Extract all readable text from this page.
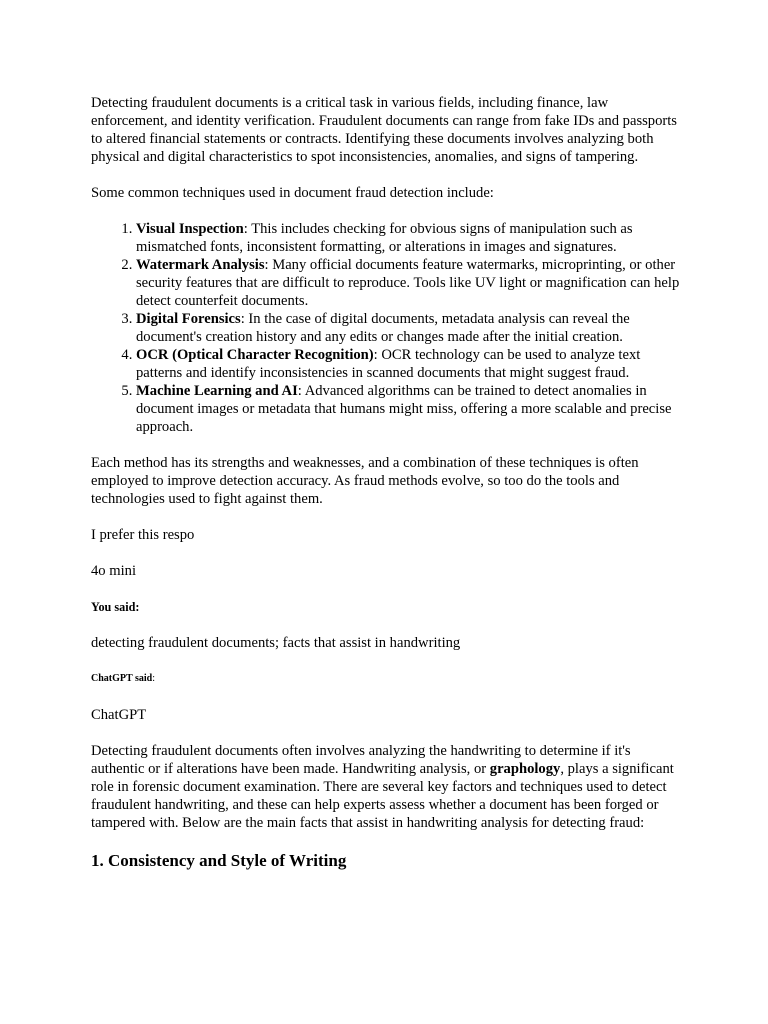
Detecting fraudulent documents is a critical task in various fields, including finance, law enforcement, and identity verification. Fraudulent documents can range from fake IDs and passports to altered financial statements or contracts. Identifying these documents involves analyzing both physical and digital characteristics to spot inconsistencies, anomalies, and signs of tampering.

Some common techniques used in document fraud detection include:

1. Visual Inspection: This includes checking for obvious signs of manipulation such as mismatched fonts, inconsistent formatting, or alterations in images and signatures.
2. Watermark Analysis: Many official documents feature watermarks, microprinting, or other security features that are difficult to reproduce. Tools like UV light or magnification can help detect counterfeit documents.
3. Digital Forensics: In the case of digital documents, metadata analysis can reveal the document's creation history and any edits or changes made after the initial creation.
4. OCR (Optical Character Recognition): OCR technology can be used to analyze text patterns and identify inconsistencies in scanned documents that might suggest fraud.
5. Machine Learning and AI: Advanced algorithms can be trained to detect anomalies in document images or metadata that humans might miss, offering a more scalable and precise approach.

Each method has its strengths and weaknesses, and a combination of these techniques is often employed to improve detection accuracy. As fraud methods evolve, so too do the tools and technologies used to fight against them.

I prefer this respo

4o mini

You said:

detecting fraudulent documents; facts that assist in handwriting

ChatGPT said:

ChatGPT

Detecting fraudulent documents often involves analyzing the handwriting to determine if it's authentic or if alterations have been made. Handwriting analysis, or graphology, plays a significant role in forensic document examination. There are several key factors and techniques used to detect fraudulent handwriting, and these can help experts assess whether a document has been forged or tampered with. Below are the main facts that assist in handwriting analysis for detecting fraud:

1. Consistency and Style of Writing
